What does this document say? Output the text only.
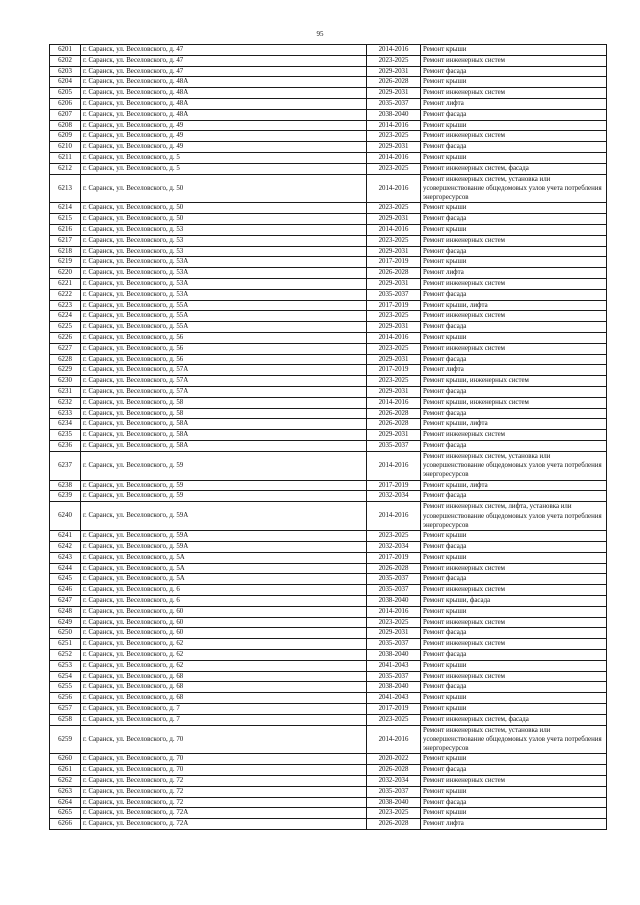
95
6201	г. Саранск, ул. Веселовского, д. 47	2014-2016	Ремонт крыши
6202	г. Саранск, ул. Веселовского, д. 47	2023-2025	Ремонт инженерных систем
6203	г. Саранск, ул. Веселовского, д. 47	2029-2031	Ремонт фасада
6204	г. Саранск, ул. Веселовского, д. 48А	2026-2028	Ремонт крыши
6205	г. Саранск, ул. Веселовского, д. 48А	2029-2031	Ремонт инженерных систем
6206	г. Саранск, ул. Веселовского, д. 48А	2035-2037	Ремонт лифта
6207	г. Саранск, ул. Веселовского, д. 48А	2038-2040	Ремонт фасада
6208	г. Саранск, ул. Веселовского, д. 49	2014-2016	Ремонт крыши
6209	г. Саранск, ул. Веселовского, д. 49	2023-2025	Ремонт инженерных систем
6210	г. Саранск, ул. Веселовского, д. 49	2029-2031	Ремонт фасада
6211	г. Саранск, ул. Веселовского, д. 5	2014-2016	Ремонт крыши
6212	г. Саранск, ул. Веселовского, д. 5	2023-2025	Ремонт инженерных систем, фасада
6213	г. Саранск, ул. Веселовского, д. 50	2014-2016	Ремонт инженерных систем, установка или усовершенствование общедомовых узлов учета потребления энергоресурсов
6214	г. Саранск, ул. Веселовского, д. 50	2023-2025	Ремонт крыши
6215	г. Саранск, ул. Веселовского, д. 50	2029-2031	Ремонт фасада
6216	г. Саранск, ул. Веселовского, д. 53	2014-2016	Ремонт крыши
6217	г. Саранск, ул. Веселовского, д. 53	2023-2025	Ремонт инженерных систем
6218	г. Саранск, ул. Веселовского, д. 53	2029-2031	Ремонт фасада
6219	г. Саранск, ул. Веселовского, д. 53А	2017-2019	Ремонт крыши
6220	г. Саранск, ул. Веселовского, д. 53А	2026-2028	Ремонт лифта
6221	г. Саранск, ул. Веселовского, д. 53А	2029-2031	Ремонт инженерных систем
6222	г. Саранск, ул. Веселовского, д. 53А	2035-2037	Ремонт фасада
6223	г. Саранск, ул. Веселовского, д. 55А	2017-2019	Ремонт крыши, лифта
6224	г. Саранск, ул. Веселовского, д. 55А	2023-2025	Ремонт инженерных систем
6225	г. Саранск, ул. Веселовского, д. 55А	2029-2031	Ремонт фасада
6226	г. Саранск, ул. Веселовского, д. 56	2014-2016	Ремонт крыши
6227	г. Саранск, ул. Веселовского, д. 56	2023-2025	Ремонт инженерных систем
6228	г. Саранск, ул. Веселовского, д. 56	2029-2031	Ремонт фасада
6229	г. Саранск, ул. Веселовского, д. 57А	2017-2019	Ремонт лифта
6230	г. Саранск, ул. Веселовского, д. 57А	2023-2025	Ремонт крыши, инженерных систем
6231	г. Саранск, ул. Веселовского, д. 57А	2029-2031	Ремонт фасада
6232	г. Саранск, ул. Веселовского, д. 58	2014-2016	Ремонт крыши, инженерных систем
6233	г. Саранск, ул. Веселовского, д. 58	2026-2028	Ремонт фасада
6234	г. Саранск, ул. Веселовского, д. 58А	2026-2028	Ремонт крыши, лифта
6235	г. Саранск, ул. Веселовского, д. 58А	2029-2031	Ремонт инженерных систем
6236	г. Саранск, ул. Веселовского, д. 58А	2035-2037	Ремонт фасада
6237	г. Саранск, ул. Веселовского, д. 59	2014-2016	Ремонт инженерных систем, установка или усовершенствование общедомовых узлов учета потребления энергоресурсов
6238	г. Саранск, ул. Веселовского, д. 59	2017-2019	Ремонт крыши, лифта
6239	г. Саранск, ул. Веселовского, д. 59	2032-2034	Ремонт фасада
6240	г. Саранск, ул. Веселовского, д. 59А	2014-2016	Ремонт инженерных систем, лифта, установка или усовершенствование общедомовых узлов учета потребления энергоресурсов
6241	г. Саранск, ул. Веселовского, д. 59А	2023-2025	Ремонт крыши
6242	г. Саранск, ул. Веселовского, д. 59А	2032-2034	Ремонт фасада
6243	г. Саранск, ул. Веселовского, д. 5А	2017-2019	Ремонт крыши
6244	г. Саранск, ул. Веселовского, д. 5А	2026-2028	Ремонт инженерных систем
6245	г. Саранск, ул. Веселовского, д. 5А	2035-2037	Ремонт фасада
6246	г. Саранск, ул. Веселовского, д. 6	2035-2037	Ремонт инженерных систем
6247	г. Саранск, ул. Веселовского, д. 6	2038-2040	Ремонт крыши, фасада
6248	г. Саранск, ул. Веселовского, д. 60	2014-2016	Ремонт крыши
6249	г. Саранск, ул. Веселовского, д. 60	2023-2025	Ремонт инженерных систем
6250	г. Саранск, ул. Веселовского, д. 60	2029-2031	Ремонт фасада
6251	г. Саранск, ул. Веселовского, д. 62	2035-2037	Ремонт инженерных систем
6252	г. Саранск, ул. Веселовского, д. 62	2038-2040	Ремонт фасада
6253	г. Саранск, ул. Веселовского, д. 62	2041-2043	Ремонт крыши
6254	г. Саранск, ул. Веселовского, д. 68	2035-2037	Ремонт инженерных систем
6255	г. Саранск, ул. Веселовского, д. 68	2038-2040	Ремонт фасада
6256	г. Саранск, ул. Веселовского, д. 68	2041-2043	Ремонт крыши
6257	г. Саранск, ул. Веселовского, д. 7	2017-2019	Ремонт крыши
6258	г. Саранск, ул. Веселовского, д. 7	2023-2025	Ремонт инженерных систем, фасада
6259	г. Саранск, ул. Веселовского, д. 70	2014-2016	Ремонт инженерных систем, установка или усовершенствование общедомовых узлов учета потребления энергоресурсов
6260	г. Саранск, ул. Веселовского, д. 70	2020-2022	Ремонт крыши
6261	г. Саранск, ул. Веселовского, д. 70	2026-2028	Ремонт фасада
6262	г. Саранск, ул. Веселовского, д. 72	2032-2034	Ремонт инженерных систем
6263	г. Саранск, ул. Веселовского, д. 72	2035-2037	Ремонт крыши
6264	г. Саранск, ул. Веселовского, д. 72	2038-2040	Ремонт фасада
6265	г. Саранск, ул. Веселовского, д. 72А	2023-2025	Ремонт крыши
6266	г. Саранск, ул. Веселовского, д. 72А	2026-2028	Ремонт лифта
